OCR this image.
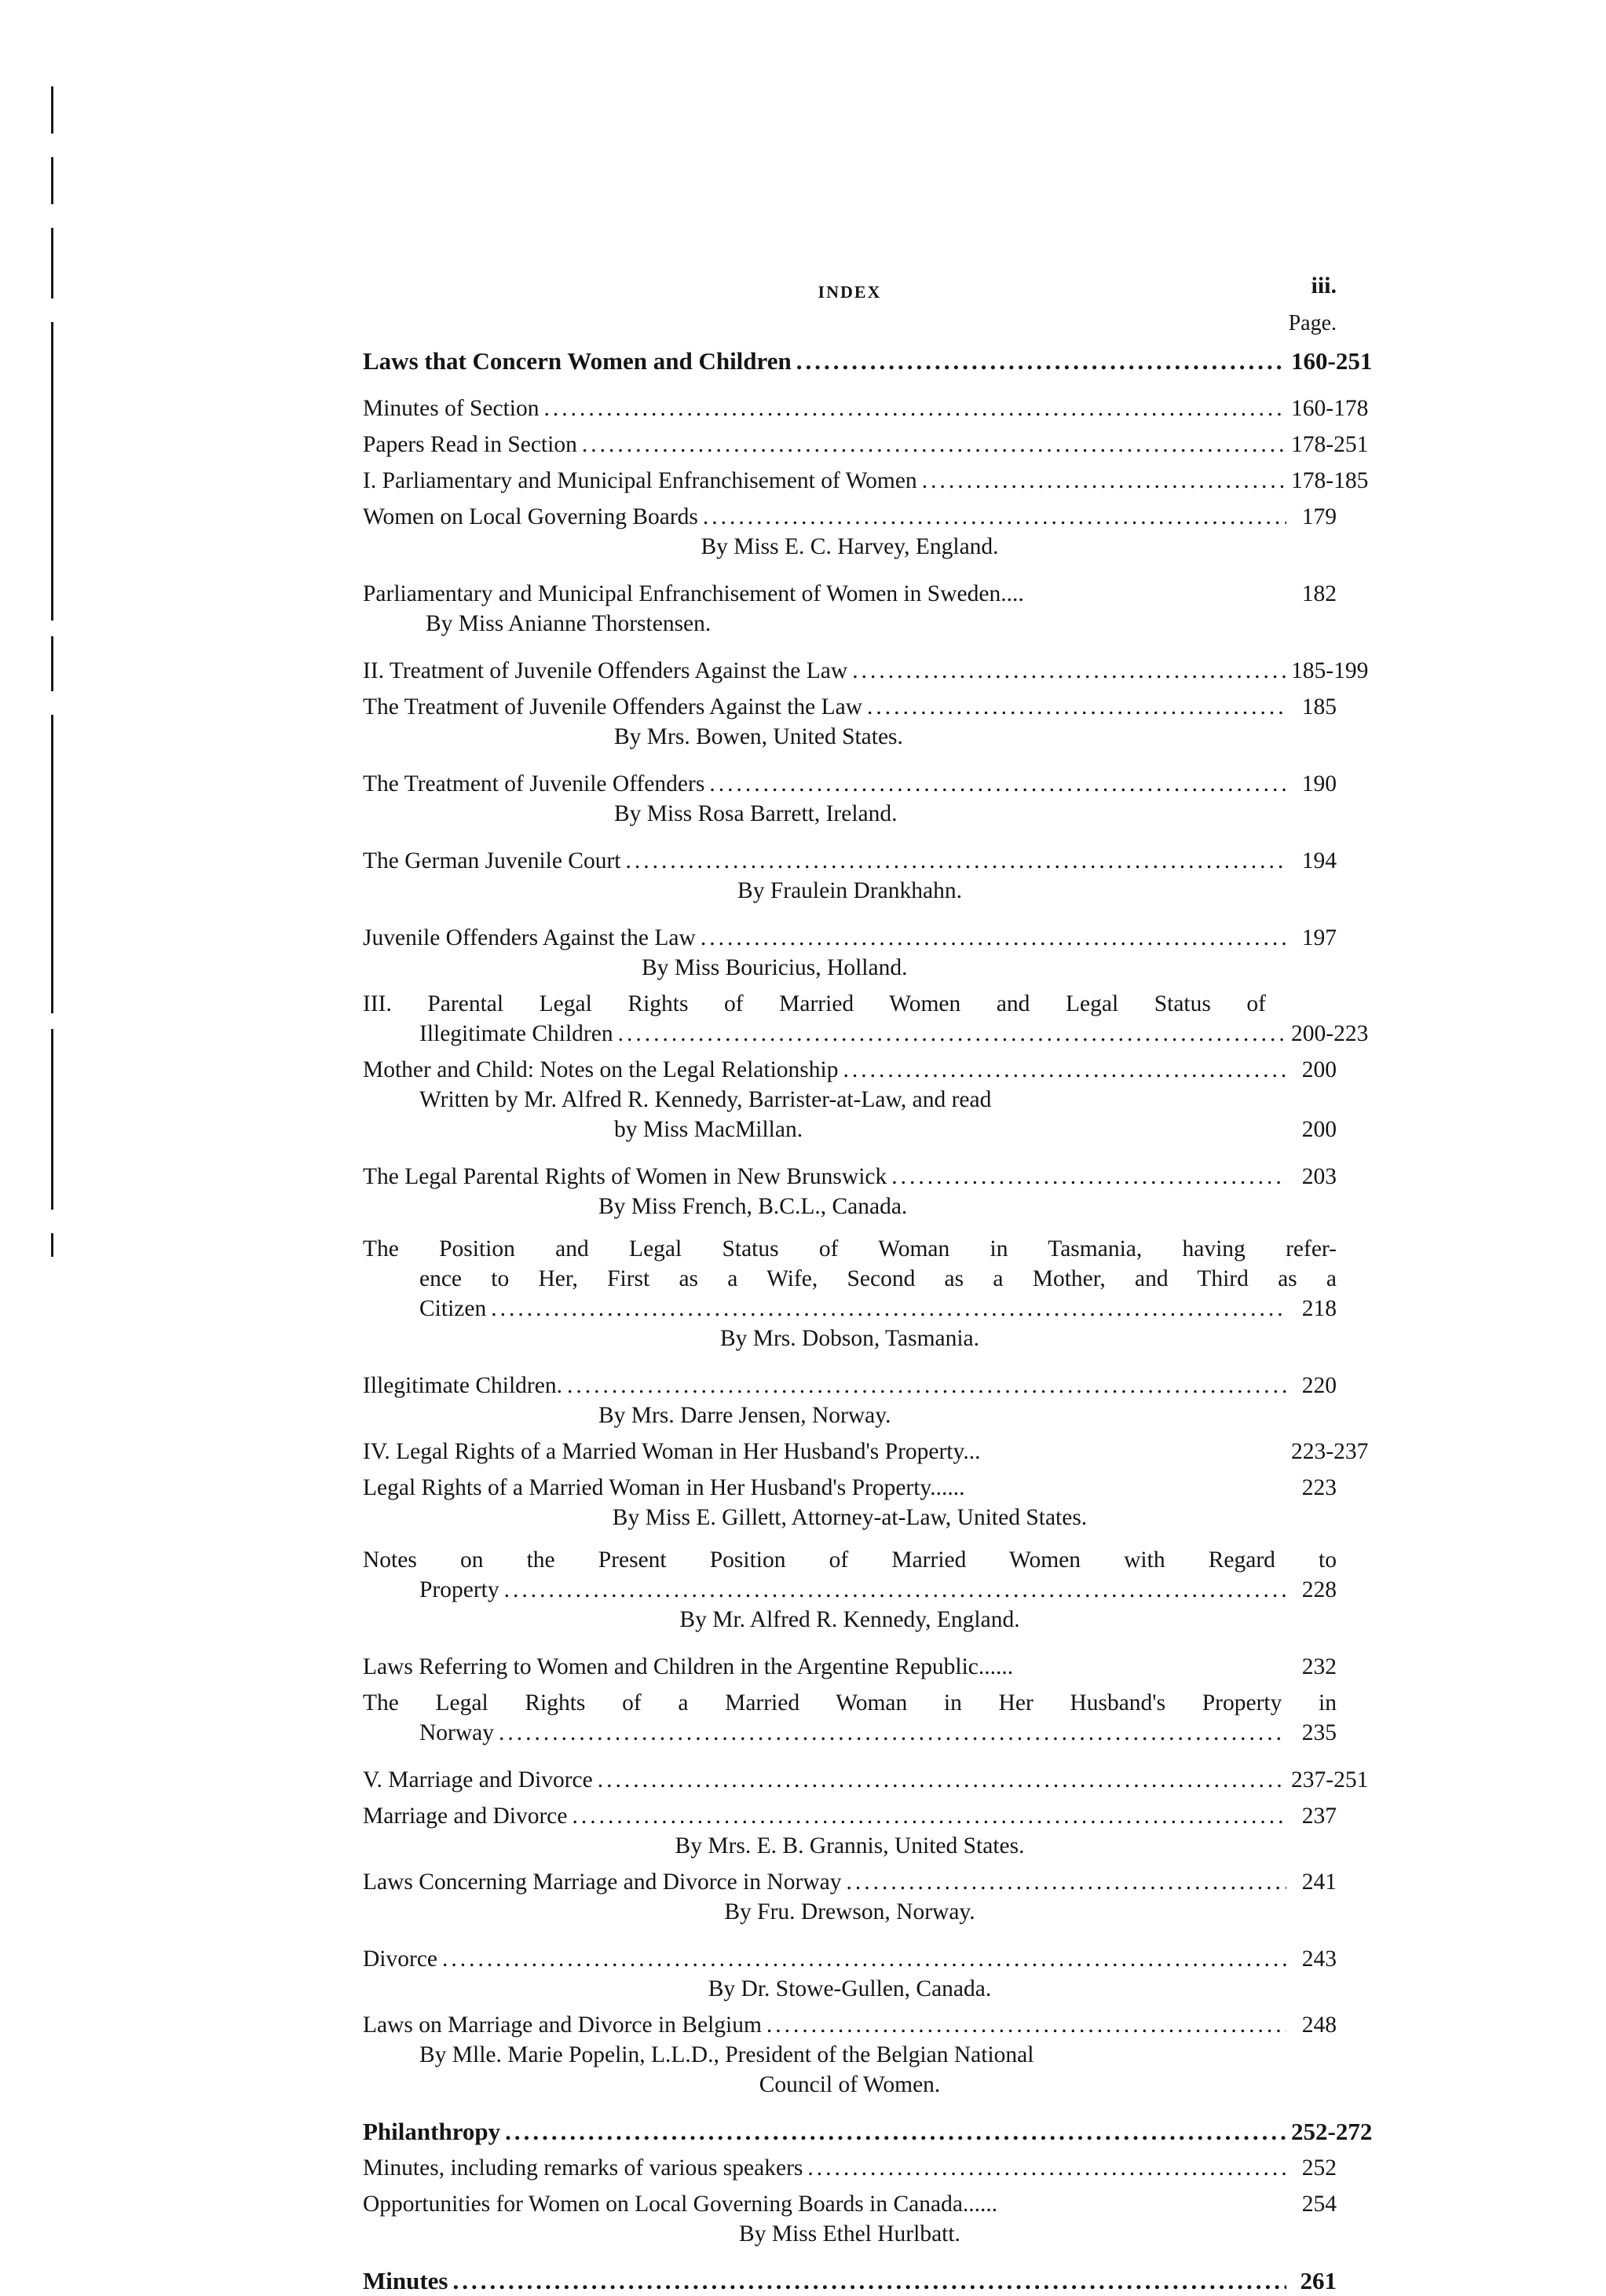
INDEX	iii.
Page.
Laws that Concern Women and Children .....	160-251
Minutes of Section .....	160-178
Papers Read in Section .....	178-251
I. Parliamentary and Municipal Enfranchisement of Women .....	178-185
Women on Local Governing Boards .....	179
By Miss E. C. Harvey, England.
Parliamentary and Municipal Enfranchisement of Women in Sweden....	182
By Miss Anianne Thorstensen.
II. Treatment of Juvenile Offenders Against the Law .....	185-199
The Treatment of Juvenile Offenders Against the Law .....	185
By Mrs. Bowen, United States.
The Treatment of Juvenile Offenders .....	190
By Miss Rosa Barrett, Ireland.
The German Juvenile Court .....	194
By Fraulein Drankhahn.
Juvenile Offenders Against the Law .....	197
By Miss Bouricius, Holland.
III. Parental Legal Rights of Married Women and Legal Status of
Illegitimate Children .....	200-223
Mother and Child: Notes on the Legal Relationship .....	200
Written by Mr. Alfred R. Kennedy, Barrister-at-Law, and read
by Miss MacMillan.	200
The Legal Parental Rights of Women in New Brunswick .....	203
By Miss French, B.C.L., Canada.
The Position and Legal Status of Woman in Tasmania, having refer-
ence to Her, First as a Wife, Second as a Mother, and Third as a
Citizen .....	218
By Mrs. Dobson, Tasmania.
Illegitimate Children. .....	220
By Mrs. Darre Jensen, Norway.
IV. Legal Rights of a Married Woman in Her Husband's Property...	223-237
Legal Rights of a Married Woman in Her Husband's Property......	223
By Miss E. Gillett, Attorney-at-Law, United States.
Notes on the Present Position of Married Women with Regard to
Property .....	228
By Mr. Alfred R. Kennedy, England.
Laws Referring to Women and Children in the Argentine Republic......	232
The Legal Rights of a Married Woman in Her Husband's Property in
Norway .....	235
V. Marriage and Divorce .....	237-251
Marriage and Divorce .....	237
By Mrs. E. B. Grannis, United States.
Laws Concerning Marriage and Divorce in Norway .....	241
By Fru. Drewson, Norway.
Divorce .....	243
By Dr. Stowe-Gullen, Canada.
Laws on Marriage and Divorce in Belgium .....	248
By Mlle. Marie Popelin, L.L.D., President of the Belgian National
Council of Women.
Philanthropy .....	252-272
Minutes, including remarks of various speakers .....	252
Opportunities for Women on Local Governing Boards in Canada......	254
By Miss Ethel Hurlbatt.
Minutes .....	261
